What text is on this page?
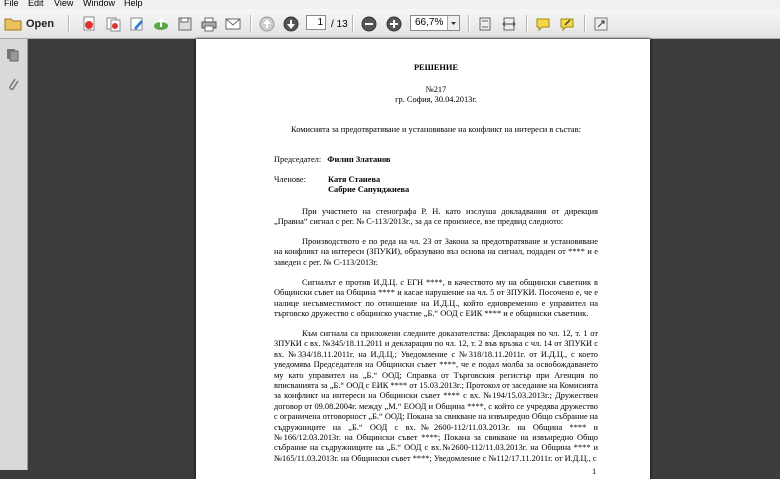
File Edit View Window Help
Open	1 / 13	66,7%
РЕШЕНИЕ
№217
гр. София, 30.04.2013г.
Комисията за предотвратяване и установяване на конфликт на интереси в състав:
Председател: Филип Златанов
Членове:	Катя Станева
Сабрие Сапунджиева
При участието на стенографа Р. Н. като изслуша докладвания от дирекция „Правна“ сигнал с рег. № С-113/2013г., за да се произнесе, взе предвид следното:
Производството е по реда на чл. 23 от Закона за предотвратяване и установяване на конфликт на интереси (ЗПУКИ), образувано въз основа на сигнал, подаден от **** и е заведен с рег. № С-113/2013г.
Сигналът е против И.Д.Ц. с ЕГН ****, в качеството му на общински съветник в Общински съвет на Община **** и касае нарушение на чл. 5 от ЗПУКИ. Посочено е, че е налице несъвместимост по отношение на И.Д.Ц., който едновременно е управител на търговско дружество с общинско участие „Б.“ ООД с ЕИК **** и е общински съветник.
Към сигнала са приложени следните доказателства: Декларация по чл. 12, т. 1 от ЗПУКИ с вх. №345/18.11.2011 и декларация по чл. 12, т. 2 във връзка с чл. 14 от ЗПУКИ с вх. №334/18.11.2011г. на И.Д.Ц.; Уведомление с №318/18.11.2011г. от И.Д.Ц., с което уведомява Председателя на Общински съвет ****, че е подал молба за освобождаването му като управител на „Б.“ ООД; Справка от Търговския регистър при Агенция по вписванията за „Б.“ ООД с ЕИК **** от 15.03.2013г.; Протокол от заседание на Комисията за конфликт на интереси на Общински съвет **** с вх. №194/15.03.2013г.; Дружествен договор от 09.08.2004г. между „М.“ ЕООД и Община ****, с който се учредява дружество с ограничена отговорност „Б.“ ООД; Покана за свикване на извънредно Общо събрание на съдружниците на „Б.“ ООД с вх.№2600-112/11.03.2013г. на Община **** и №166/12.03.2013г. на Общински съвет ****; Покана за свикване на извънредно Общо събрание на съдружниците на „Б.“ ООД с вх.№2600-112/11.03.2013г. на Община **** и №165/11.03.2013г. на Общински съвет ****; Уведомление с №112/17.11.2011г. от И.Д.Ц., с
1
